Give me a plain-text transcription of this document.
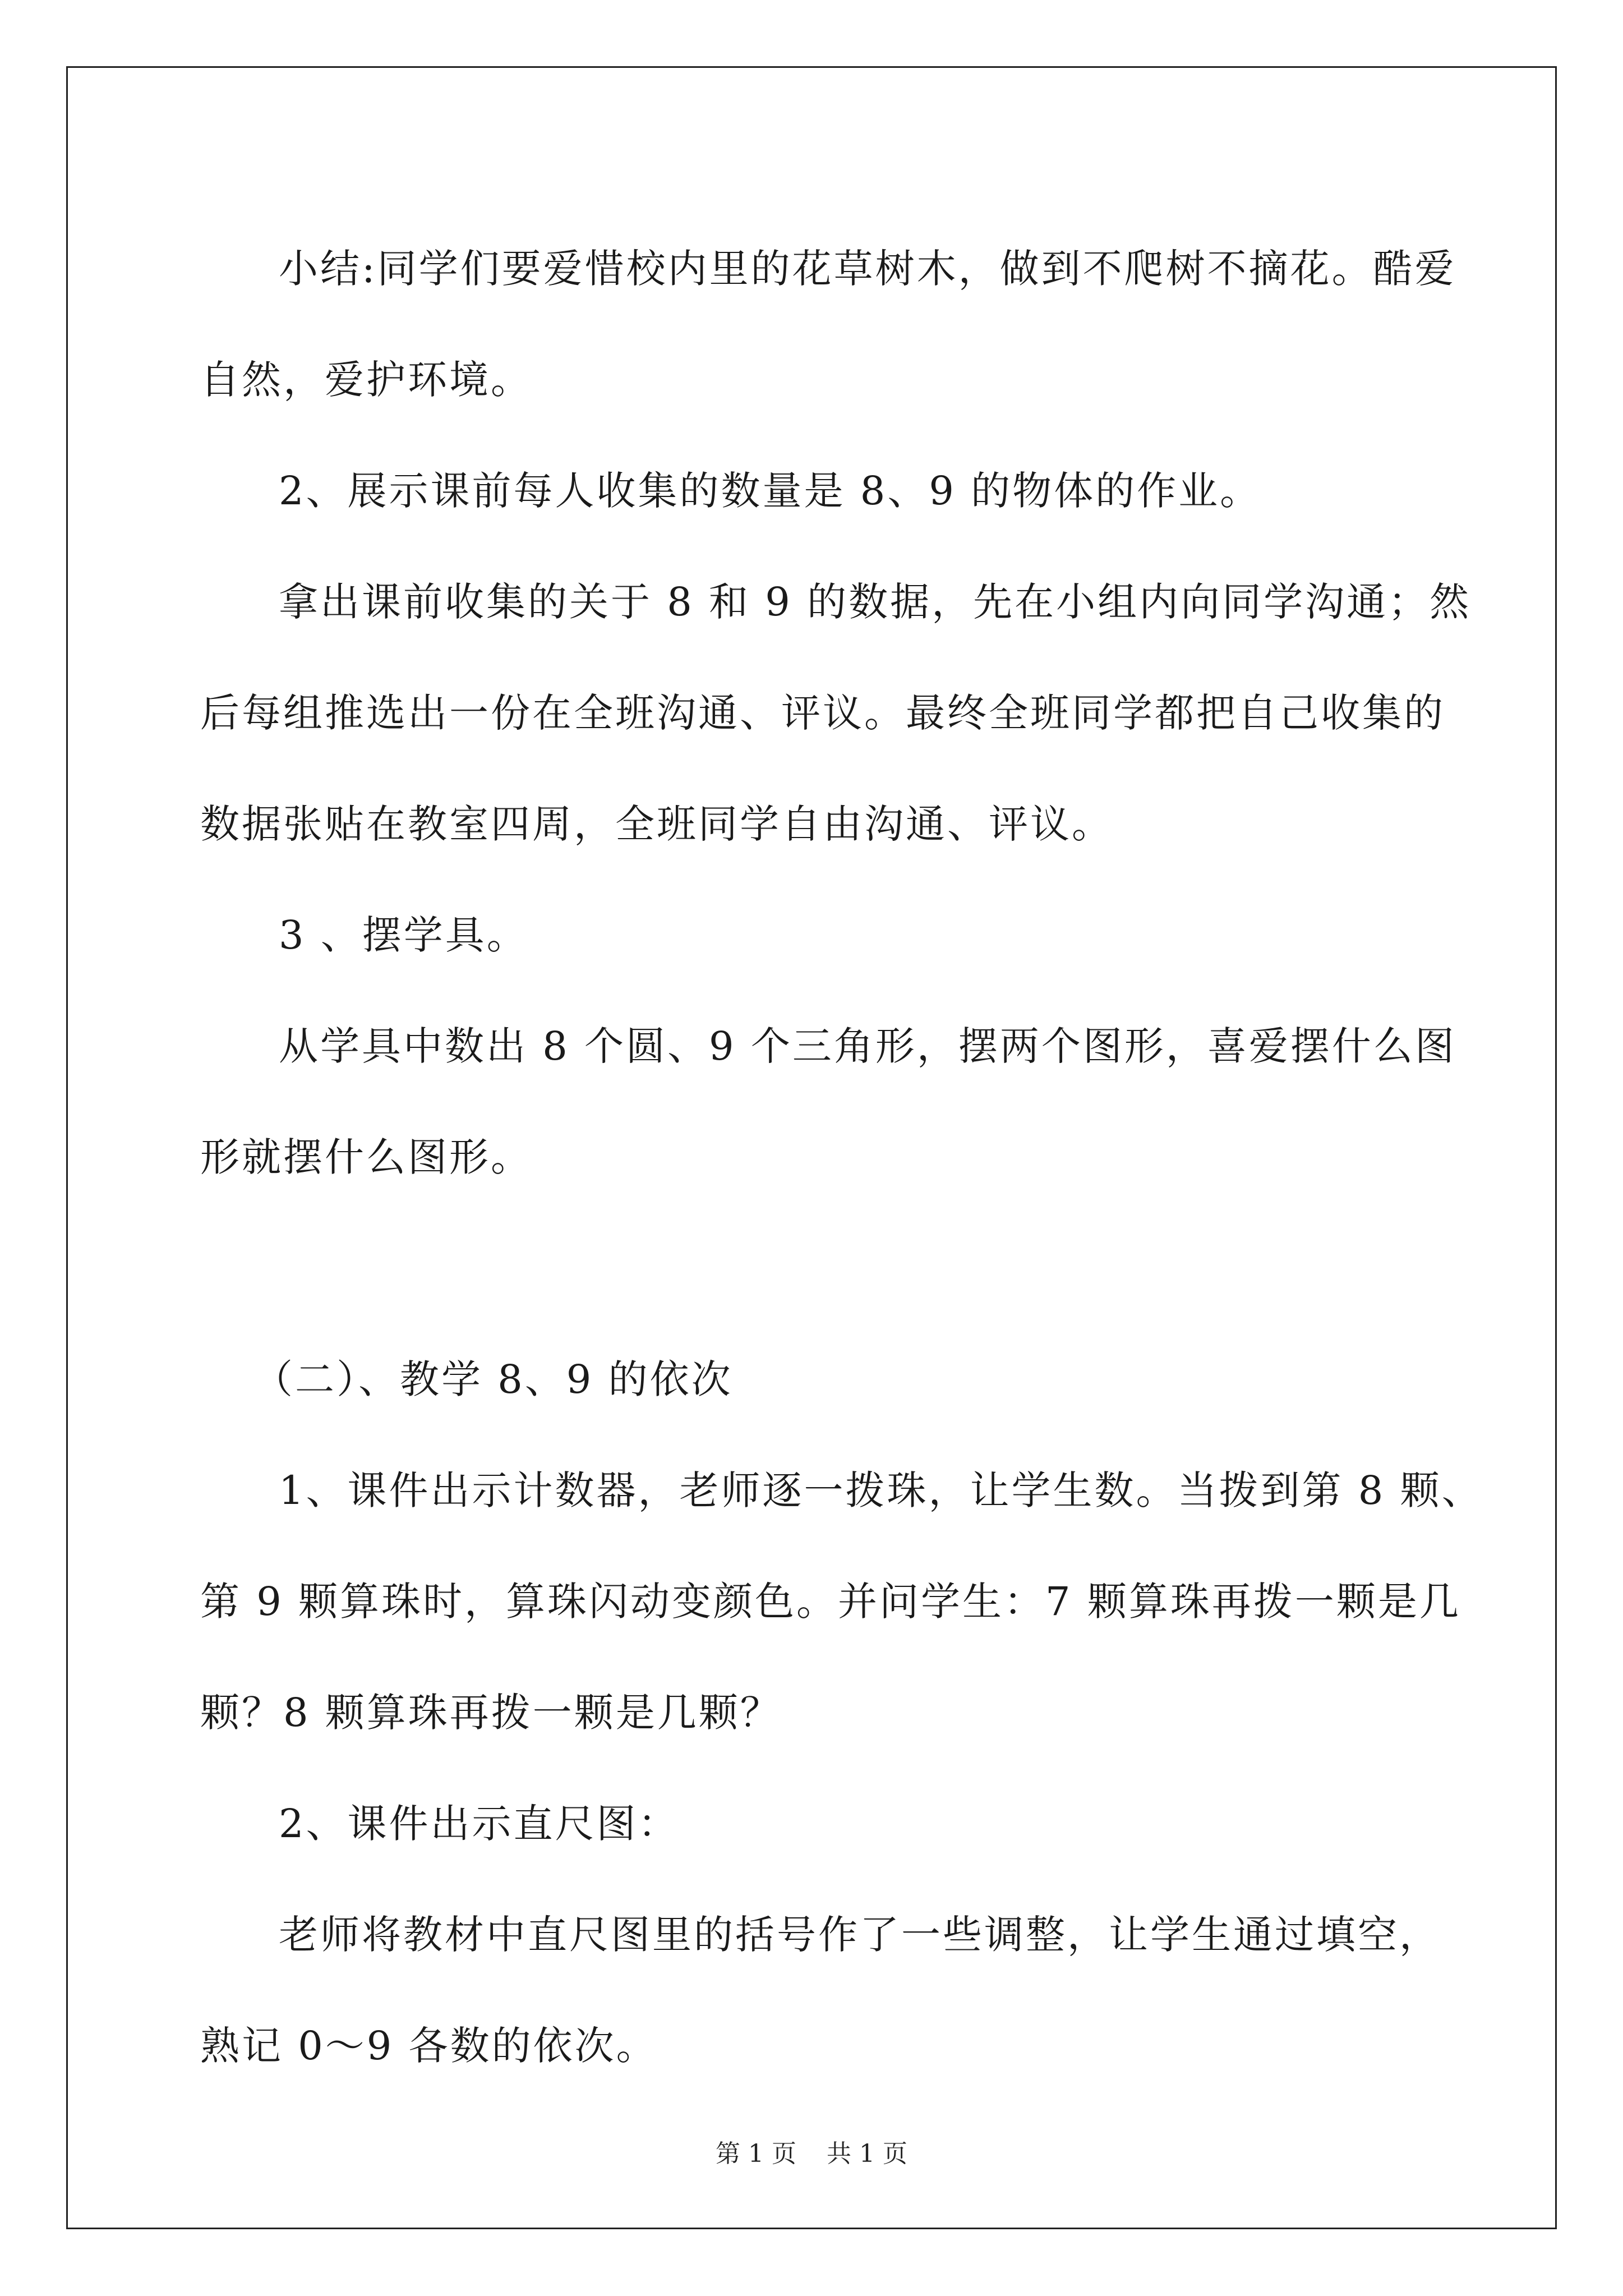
小结:同学们要爱惜校内里的花草树木，做到不爬树不摘花。酷爱

自然，爱护环境。

2、展示课前每人收集的数量是 8、9 的物体的作业。

拿出课前收集的关于 8 和 9 的数据，先在小组内向同学沟通；然

后每组推选出一份在全班沟通、评议。最终全班同学都把自己收集的

数据张贴在教室四周，全班同学自由沟通、评议。

3 、摆学具。

从学具中数出 8 个圆、9 个三角形，摆两个图形，喜爱摆什么图

形就摆什么图形。

（二）、教学 8、9 的依次

1、课件出示计数器，老师逐一拨珠，让学生数。当拨到第 8 颗、

第 9 颗算珠时，算珠闪动变颜色。并问学生：7 颗算珠再拨一颗是几

颗？8 颗算珠再拨一颗是几颗？

2、课件出示直尺图：

老师将教材中直尺图里的括号作了一些调整，让学生通过填空，

熟记 0～9 各数的依次。

第 1 页 共 1 页
